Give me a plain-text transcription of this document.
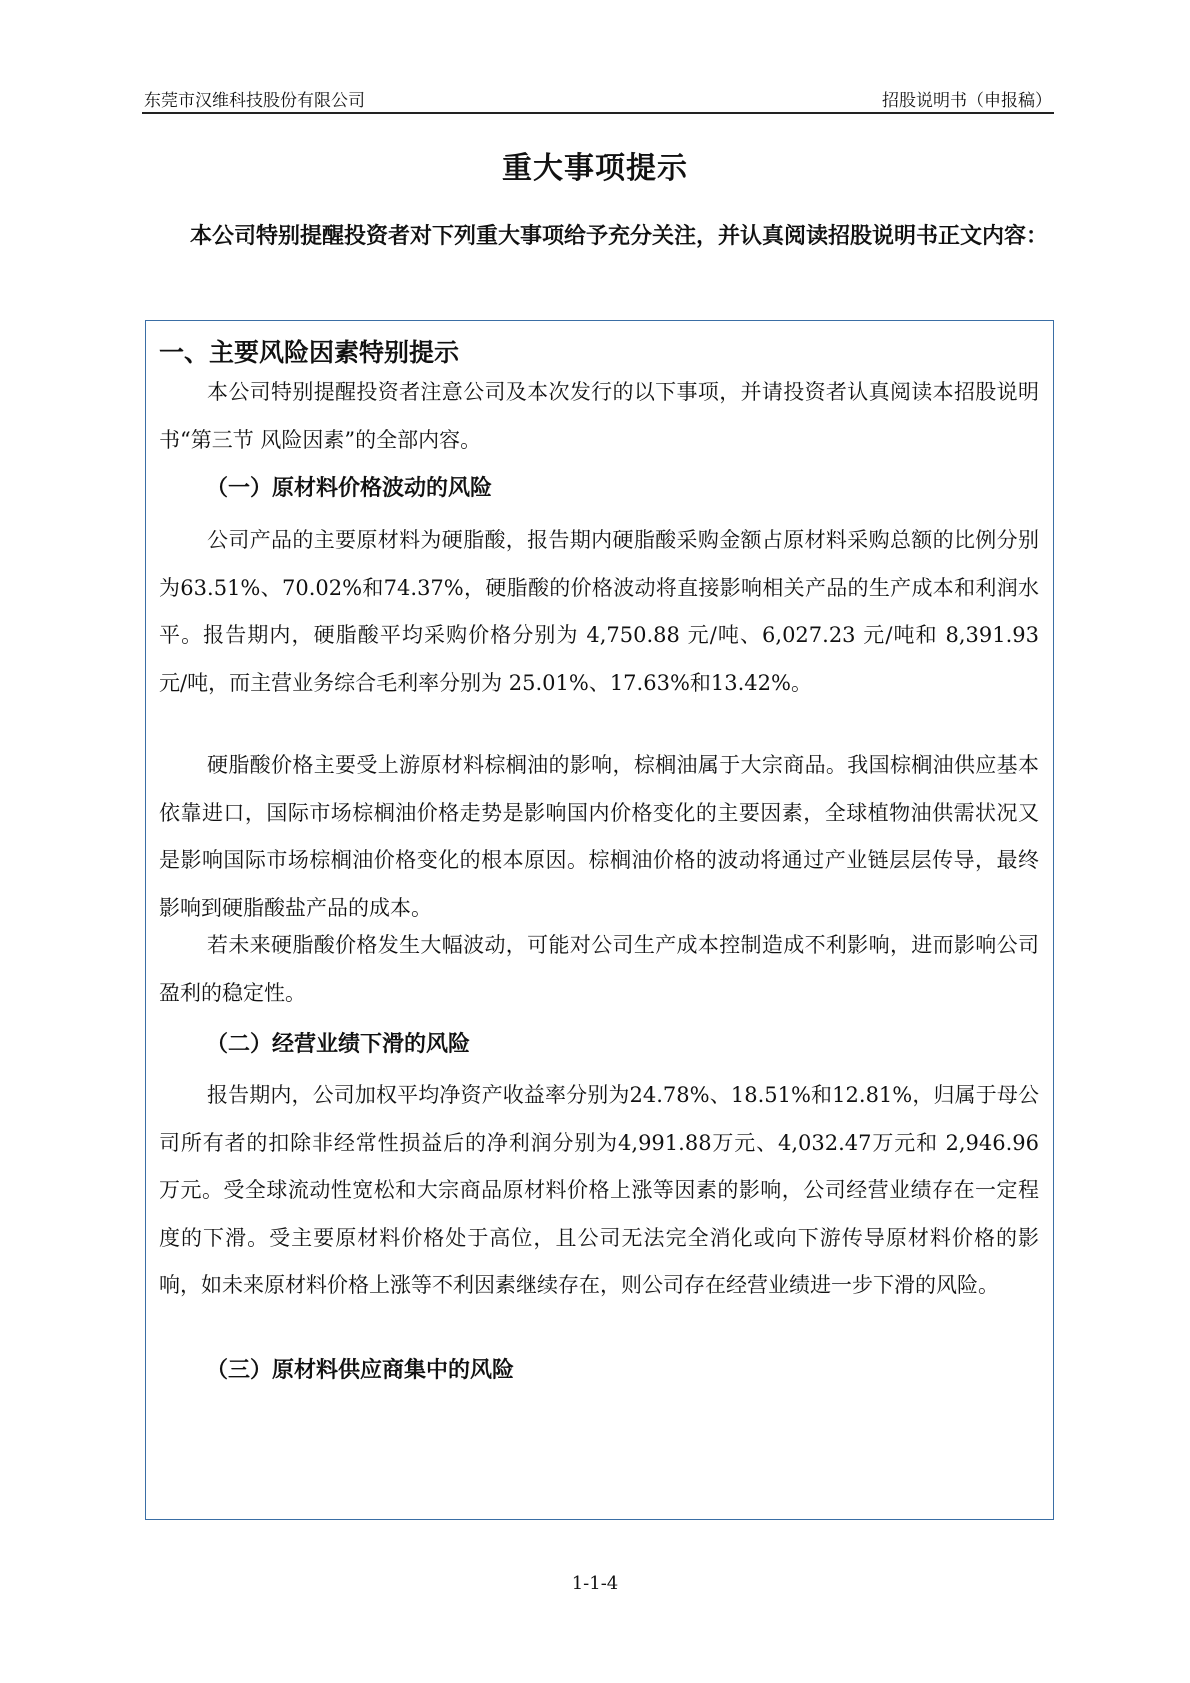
东莞市汉维科技股份有限公司	招股说明书（申报稿）
重大事项提示

本公司特别提醒投资者对下列重大事项给予充分关注，并认真阅读招股说明书正文内容：

一、主要风险因素特别提示

本公司特别提醒投资者注意公司及本次发行的以下事项，并请投资者认真阅读本招股说明书“第三节 风险因素”的全部内容。

（一）原材料价格波动的风险

公司产品的主要原材料为硬脂酸，报告期内硬脂酸采购金额占原材料采购总额的比例分别为63.51%、70.02%和74.37%，硬脂酸的价格波动将直接影响相关产品的生产成本和利润水平。报告期内，硬脂酸平均采购价格分别为 4,750.88 元/吨、6,027.23 元/吨和 8,391.93 元/吨，而主营业务综合毛利率分别为 25.01%、17.63%和13.42%。

硬脂酸价格主要受上游原材料棕榈油的影响，棕榈油属于大宗商品。我国棕榈油供应基本依靠进口，国际市场棕榈油价格走势是影响国内价格变化的主要因素，全球植物油供需状况又是影响国际市场棕榈油价格变化的根本原因。棕榈油价格的波动将通过产业链层层传导，最终影响到硬脂酸盐产品的成本。

若未来硬脂酸价格发生大幅波动，可能对公司生产成本控制造成不利影响，进而影响公司盈利的稳定性。

（二）经营业绩下滑的风险

报告期内，公司加权平均净资产收益率分别为24.78%、18.51%和12.81%，归属于母公司所有者的扣除非经常性损益后的净利润分别为4,991.88万元、4,032.47万元和 2,946.96 万元。受全球流动性宽松和大宗商品原材料价格上涨等因素的影响，公司经营业绩存在一定程度的下滑。受主要原材料价格处于高位，且公司无法完全消化或向下游传导原材料价格的影响，如未来原材料价格上涨等不利因素继续存在，则公司存在经营业绩进一步下滑的风险。

（三）原材料供应商集中的风险
1-1-4
